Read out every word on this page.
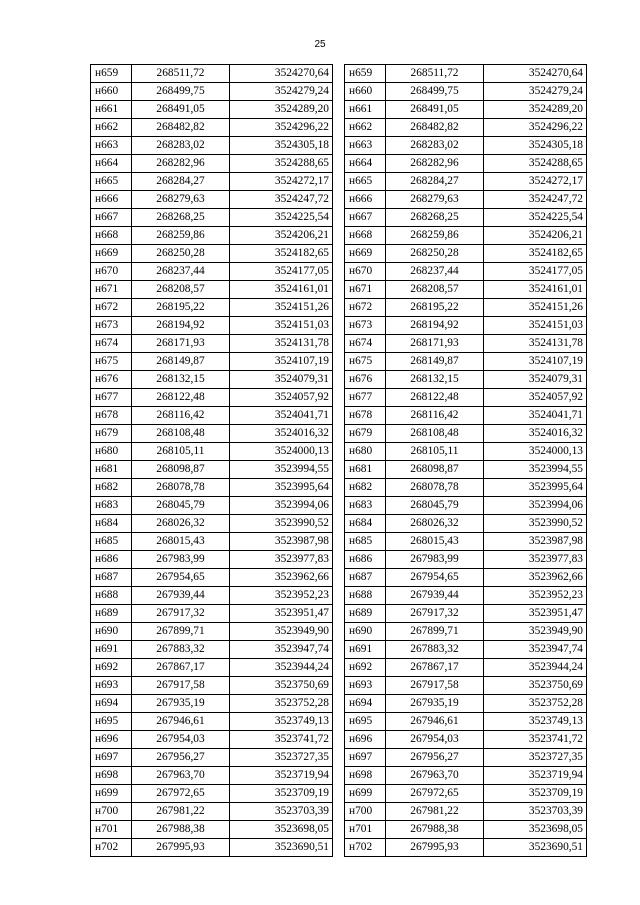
25
н659	268511,72	3524270,64
н660	268499,75	3524279,24
н661	268491,05	3524289,20
н662	268482,82	3524296,22
н663	268283,02	3524305,18
н664	268282,96	3524288,65
н665	268284,27	3524272,17
н666	268279,63	3524247,72
н667	268268,25	3524225,54
н668	268259,86	3524206,21
н669	268250,28	3524182,65
н670	268237,44	3524177,05
н671	268208,57	3524161,01
н672	268195,22	3524151,26
н673	268194,92	3524151,03
н674	268171,93	3524131,78
н675	268149,87	3524107,19
н676	268132,15	3524079,31
н677	268122,48	3524057,92
н678	268116,42	3524041,71
н679	268108,48	3524016,32
н680	268105,11	3524000,13
н681	268098,87	3523994,55
н682	268078,78	3523995,64
н683	268045,79	3523994,06
н684	268026,32	3523990,52
н685	268015,43	3523987,98
н686	267983,99	3523977,83
н687	267954,65	3523962,66
н688	267939,44	3523952,23
н689	267917,32	3523951,47
н690	267899,71	3523949,90
н691	267883,32	3523947,74
н692	267867,17	3523944,24
н693	267917,58	3523750,69
н694	267935,19	3523752,28
н695	267946,61	3523749,13
н696	267954,03	3523741,72
н697	267956,27	3523727,35
н698	267963,70	3523719,94
н699	267972,65	3523709,19
н700	267981,22	3523703,39
н701	267988,38	3523698,05
н702	267995,93	3523690,51
н659	268511,72	3524270,64
н660	268499,75	3524279,24
н661	268491,05	3524289,20
н662	268482,82	3524296,22
н663	268283,02	3524305,18
н664	268282,96	3524288,65
н665	268284,27	3524272,17
н666	268279,63	3524247,72
н667	268268,25	3524225,54
н668	268259,86	3524206,21
н669	268250,28	3524182,65
н670	268237,44	3524177,05
н671	268208,57	3524161,01
н672	268195,22	3524151,26
н673	268194,92	3524151,03
н674	268171,93	3524131,78
н675	268149,87	3524107,19
н676	268132,15	3524079,31
н677	268122,48	3524057,92
н678	268116,42	3524041,71
н679	268108,48	3524016,32
н680	268105,11	3524000,13
н681	268098,87	3523994,55
н682	268078,78	3523995,64
н683	268045,79	3523994,06
н684	268026,32	3523990,52
н685	268015,43	3523987,98
н686	267983,99	3523977,83
н687	267954,65	3523962,66
н688	267939,44	3523952,23
н689	267917,32	3523951,47
н690	267899,71	3523949,90
н691	267883,32	3523947,74
н692	267867,17	3523944,24
н693	267917,58	3523750,69
н694	267935,19	3523752,28
н695	267946,61	3523749,13
н696	267954,03	3523741,72
н697	267956,27	3523727,35
н698	267963,70	3523719,94
н699	267972,65	3523709,19
н700	267981,22	3523703,39
н701	267988,38	3523698,05
н702	267995,93	3523690,51
